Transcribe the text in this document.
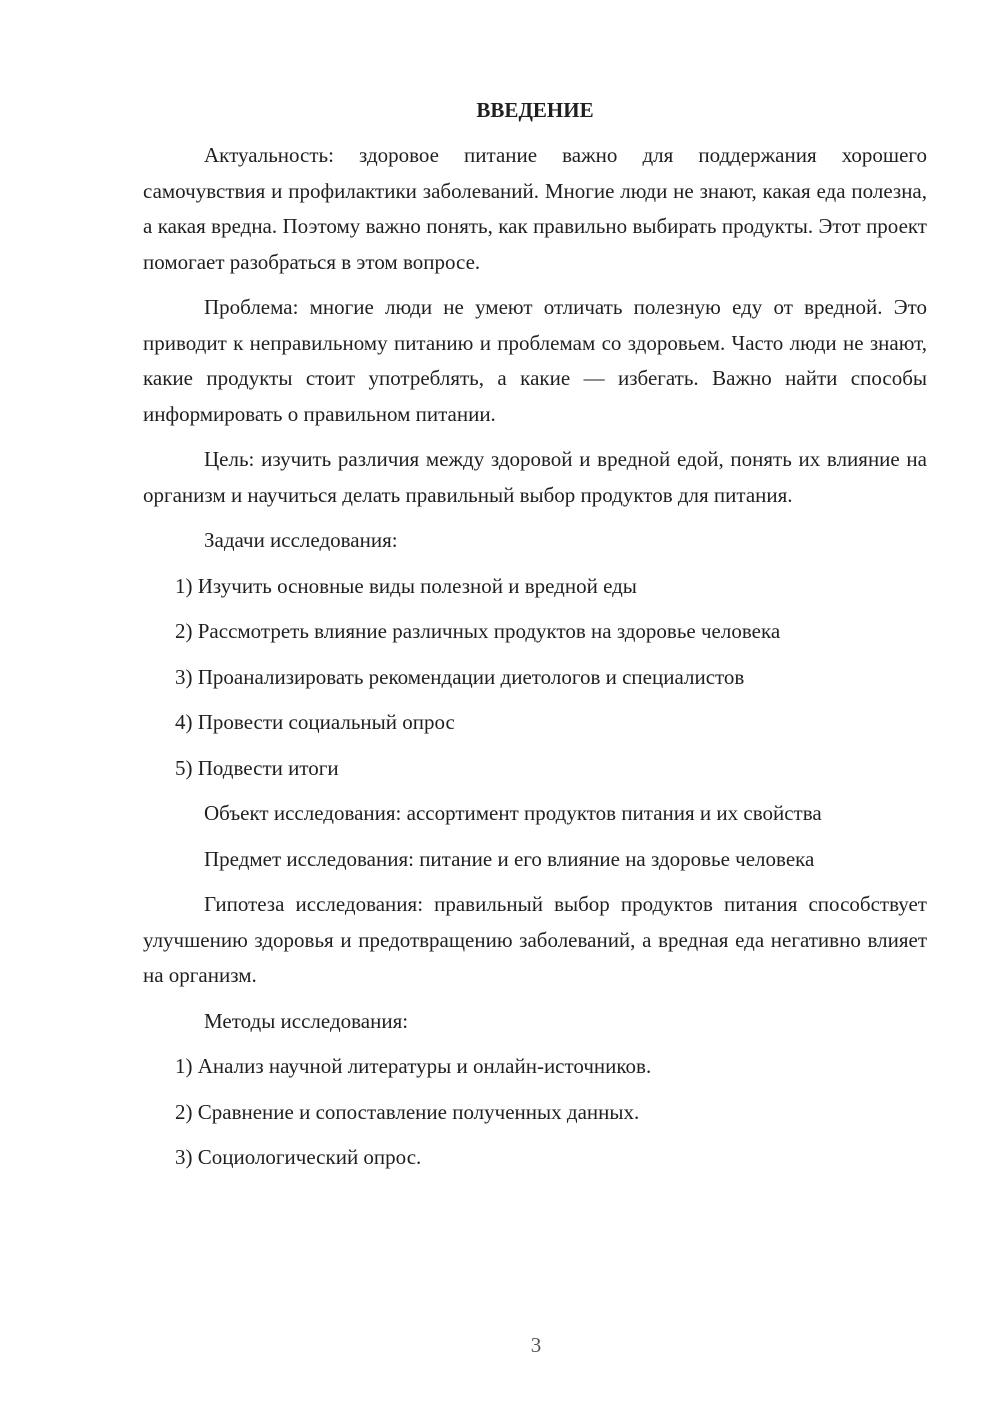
ВВЕДЕНИЕ

Актуальность: здоровое питание важно для поддержания хорошего самочувствия и профилактики заболеваний. Многие люди не знают, какая еда полезна, а какая вредна. Поэтому важно понять, как правильно выбирать продукты. Этот проект помогает разобраться в этом вопросе.

Проблема: многие люди не умеют отличать полезную еду от вредной. Это приводит к неправильному питанию и проблемам со здоровьем. Часто люди не знают, какие продукты стоит употреблять, а какие — избегать. Важно найти способы информировать о правильном питании.

Цель: изучить различия между здоровой и вредной едой, понять их влияние на организм и научиться делать правильный выбор продуктов для питания.

Задачи исследования:

1) Изучить основные виды полезной и вредной еды

2) Рассмотреть влияние различных продуктов на здоровье человека

3) Проанализировать рекомендации диетологов и специалистов

4) Провести социальный опрос

5) Подвести итоги

Объект исследования: ассортимент продуктов питания и их свойства

Предмет исследования: питание и его влияние на здоровье человека

Гипотеза исследования: правильный выбор продуктов питания способствует улучшению здоровья и предотвращению заболеваний, а вредная еда негативно влияет на организм.

Методы исследования:

1) Анализ научной литературы и онлайн-источников.

2) Сравнение и сопоставление полученных данных.

3) Социологический опрос.

3
